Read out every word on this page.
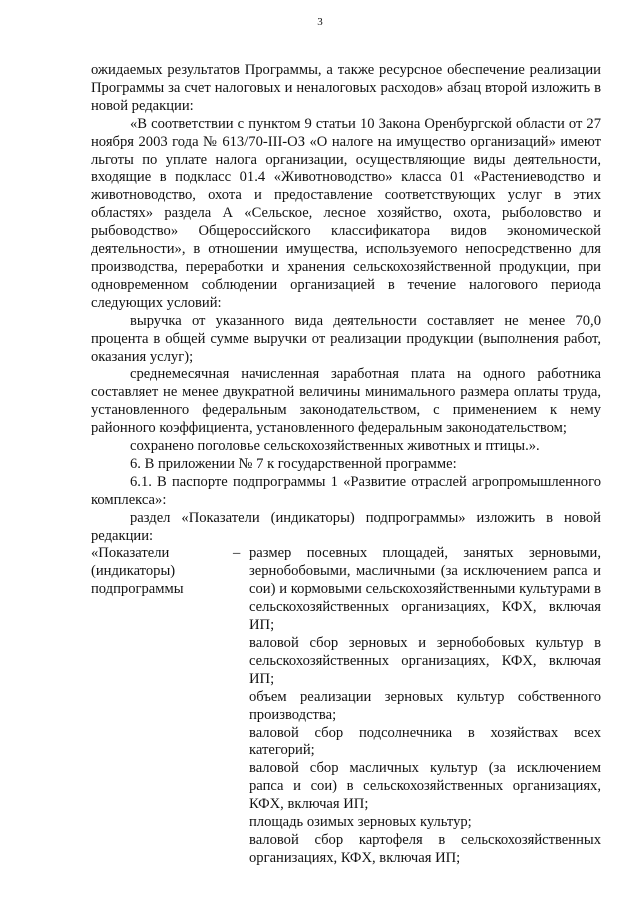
3

ожидаемых результатов Программы, а также ресурсное обеспечение реализации Программы за счет налоговых и неналоговых расходов» абзац второй изложить в новой редакции:

«В соответствии с пунктом 9 статьи 10 Закона Оренбургской области от 27 ноября 2003 года № 613/70-III-ОЗ «О налоге на имущество организаций» имеют льготы по уплате налога организации, осуществляющие виды деятельности, входящие в подкласс 01.4 «Животноводство» класса 01 «Растениеводство и животноводство, охота и предоставление соответствующих услуг в этих областях» раздела А «Сельское, лесное хозяйство, охота, рыболовство и рыбоводство» Общероссийского классификатора видов экономической деятельности», в отношении имущества, используемого непосредственно для производства, переработки и хранения сельскохозяйственной продукции, при одновременном соблюдении организацией в течение налогового периода следующих условий:

выручка от указанного вида деятельности составляет не менее 70,0 процента в общей сумме выручки от реализации продукции (выполнения работ, оказания услуг);

среднемесячная начисленная заработная плата на одного работника составляет не менее двукратной величины минимального размера оплаты труда, установленного федеральным законодательством, с применением к нему районного коэффициента, установленного федеральным законодательством;

сохранено поголовье сельскохозяйственных животных и птицы.».

6. В приложении № 7 к государственной программе:

6.1. В паспорте подпрограммы 1 «Развитие отраслей агропромышленного комплекса»:

раздел «Показатели (индикаторы) подпрограммы» изложить в новой редакции:

«Показатели (индикаторы) подпрограммы
– размер посевных площадей, занятых зерновыми, зернобобовыми, масличными (за исключением рапса и сои) и кормовыми сельскохозяйственными культурами в сельскохозяйственных организациях, КФХ, включая ИП;

валовой сбор зерновых и зернобобовых культур в сельскохозяйственных организациях, КФХ, включая ИП;

объем реализации зерновых культур собственного производства;

валовой сбор подсолнечника в хозяйствах всех категорий;

валовой сбор масличных культур (за исключением рапса и сои) в сельскохозяйственных организациях, КФХ, включая ИП;

площадь озимых зерновых культур;

валовой сбор картофеля в сельскохозяйственных организациях, КФХ, включая ИП;
